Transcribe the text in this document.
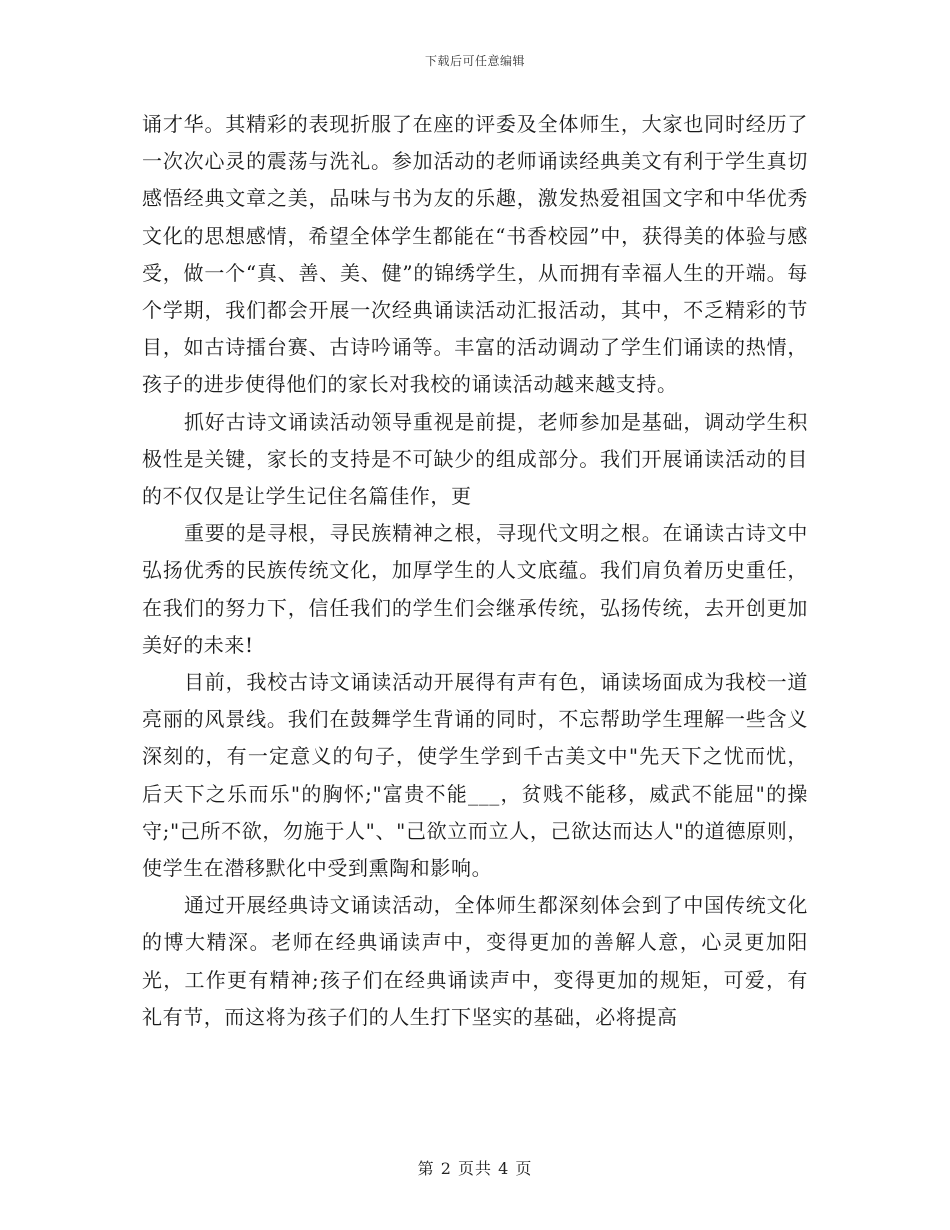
下载后可任意编辑

诵才华。其精彩的表现折服了在座的评委及全体师生，大家也同时经历了一次次心灵的震荡与洗礼。参加活动的老师诵读经典美文有利于学生真切感悟经典文章之美，品味与书为友的乐趣，激发热爱祖国文字和中华优秀文化的思想感情，希望全体学生都能在“书香校园”中，获得美的体验与感受，做一个“真、善、美、健”的锦绣学生，从而拥有幸福人生的开端。每个学期，我们都会开展一次经典诵读活动汇报活动，其中，不乏精彩的节目，如古诗擂台赛、古诗吟诵等。丰富的活动调动了学生们诵读的热情，孩子的进步使得他们的家长对我校的诵读活动越来越支持。

抓好古诗文诵读活动领导重视是前提，老师参加是基础，调动学生积极性是关键，家长的支持是不可缺少的组成部分。我们开展诵读活动的目的不仅仅是让学生记住名篇佳作，更

重要的是寻根，寻民族精神之根，寻现代文明之根。在诵读古诗文中弘扬优秀的民族传统文化，加厚学生的人文底蕴。我们肩负着历史重任，在我们的努力下，信任我们的学生们会继承传统，弘扬传统，去开创更加美好的未来!

目前，我校古诗文诵读活动开展得有声有色，诵读场面成为我校一道亮丽的风景线。我们在鼓舞学生背诵的同时，不忘帮助学生理解一些含义深刻的，有一定意义的句子，使学生学到千古美文中"先天下之忧而忧，后天下之乐而乐"的胸怀;"富贵不能___，贫贱不能移，威武不能屈"的操守;"己所不欲，勿施于人"、"己欲立而立人，己欲达而达人"的道德原则，使学生在潜移默化中受到熏陶和影响。

通过开展经典诗文诵读活动，全体师生都深刻体会到了中国传统文化的博大精深。老师在经典诵读声中，变得更加的善解人意，心灵更加阳光，工作更有精神;孩子们在经典诵读声中，变得更加的规矩，可爱，有礼有节，而这将为孩子们的人生打下坚实的基础，必将提高

第 2 页共 4 页
